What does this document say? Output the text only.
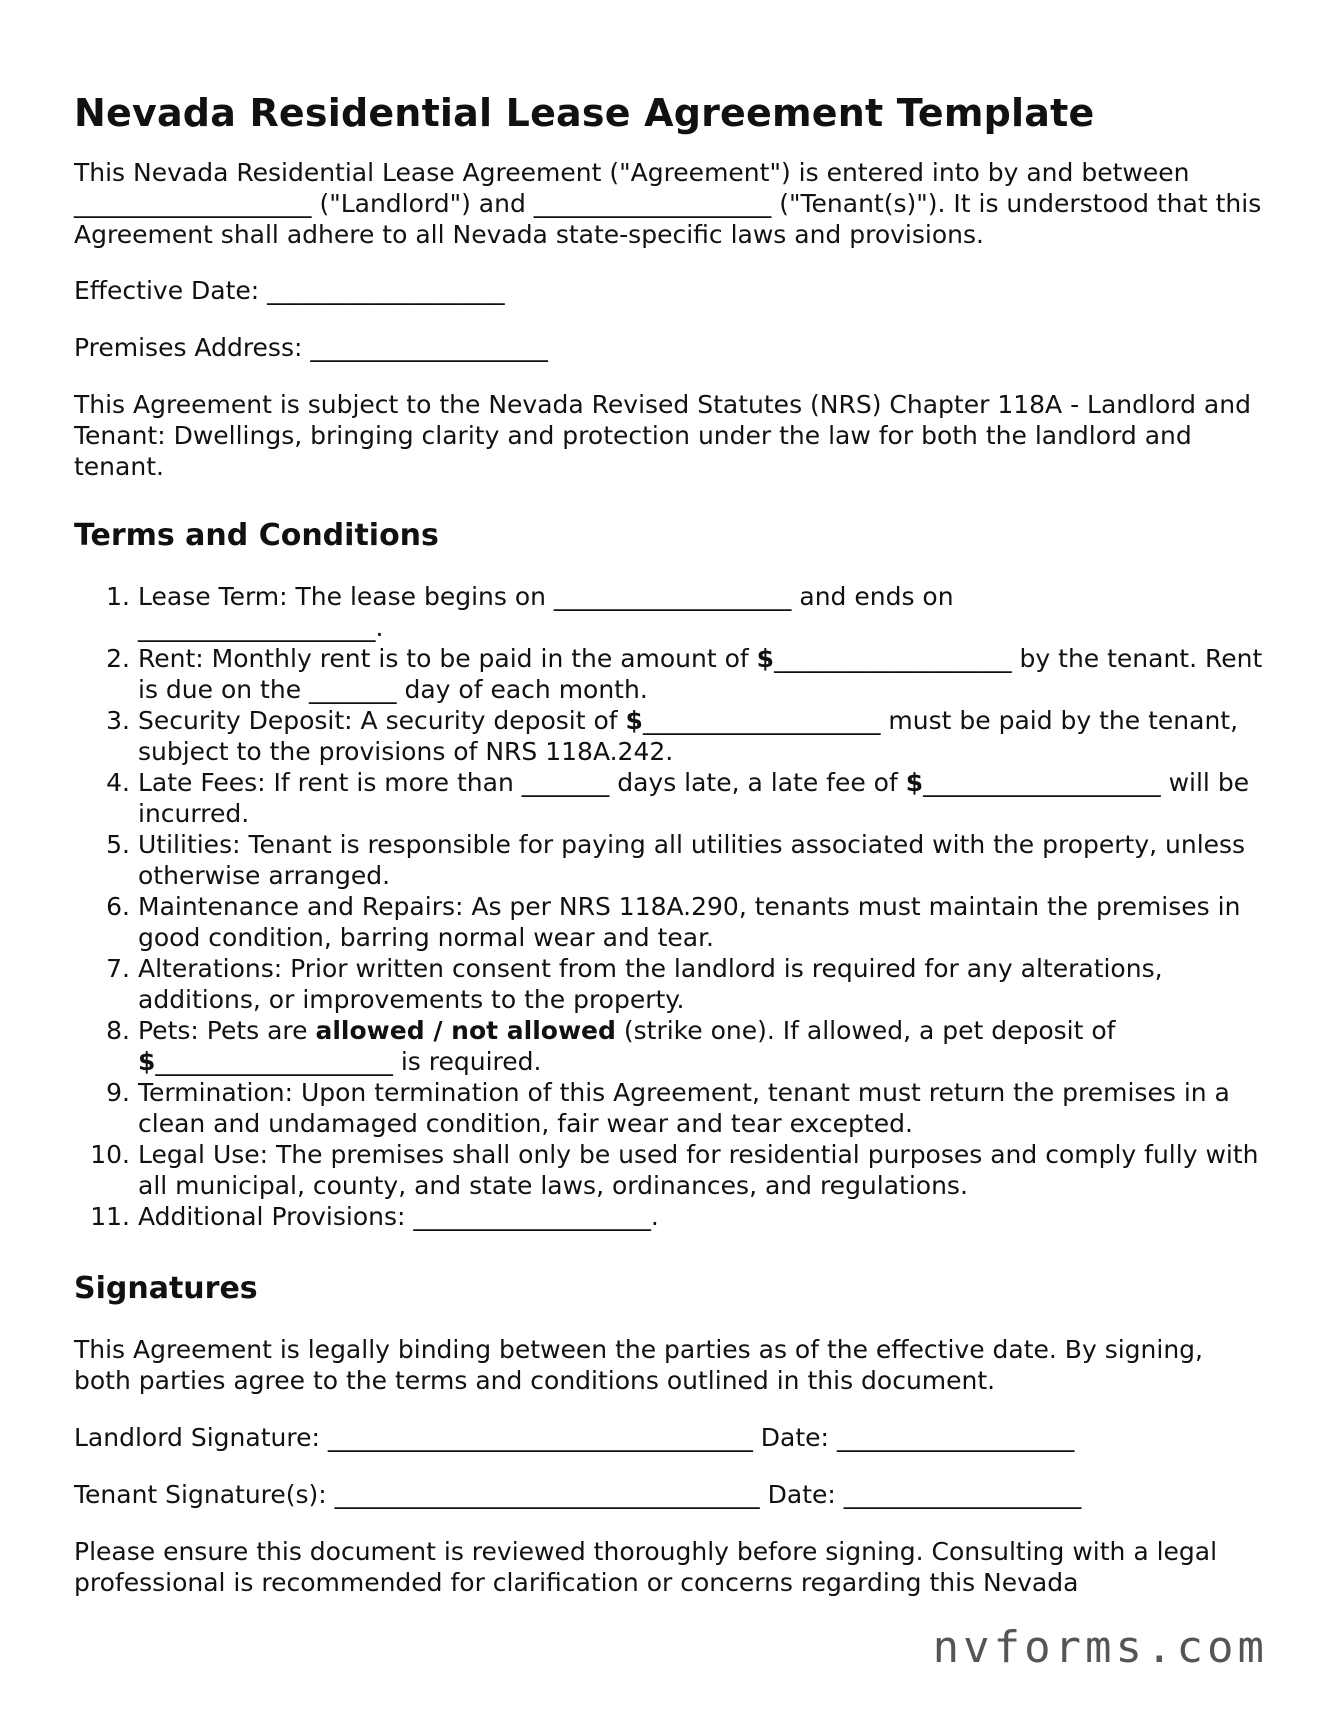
Nevada Residential Lease Agreement Template

This Nevada Residential Lease Agreement ("Agreement") is entered into by and between
___________________ ("Landlord") and ___________________ ("Tenant(s)"). It is understood that this Agreement shall adhere to all Nevada state-specific laws and provisions.

Effective Date: ___________________

Premises Address: ___________________

This Agreement is subject to the Nevada Revised Statutes (NRS) Chapter 118A - Landlord and Tenant: Dwellings, bringing clarity and protection under the law for both the landlord and tenant.

Terms and Conditions
1. Lease Term: The lease begins on ___________________ and ends on
___________________.
2. Rent: Monthly rent is to be paid in the amount of $___________________ by the tenant. Rent is due on the _______ day of each month.
3. Security Deposit: A security deposit of $___________________ must be paid by the tenant, subject to the provisions of NRS 118A.242.
4. Late Fees: If rent is more than _______ days late, a late fee of $___________________ will be incurred.
5. Utilities: Tenant is responsible for paying all utilities associated with the property, unless otherwise arranged.
6. Maintenance and Repairs: As per NRS 118A.290, tenants must maintain the premises in good condition, barring normal wear and tear.
7. Alterations: Prior written consent from the landlord is required for any alterations, additions, or improvements to the property.
8. Pets: Pets are allowed / not allowed (strike one). If allowed, a pet deposit of
$___________________ is required.
9. Termination: Upon termination of this Agreement, tenant must return the premises in a clean and undamaged condition, fair wear and tear excepted.
10. Legal Use: The premises shall only be used for residential purposes and comply fully with all municipal, county, and state laws, ordinances, and regulations.
11. Additional Provisions: ___________________.
Signatures

This Agreement is legally binding between the parties as of the effective date. By signing, both parties agree to the terms and conditions outlined in this document.

Landlord Signature: __________________________________ Date: ___________________

Tenant Signature(s): __________________________________ Date: ___________________

Please ensure this document is reviewed thoroughly before signing. Consulting with a legal professional is recommended for clarification or concerns regarding this Nevada

nvforms.com
